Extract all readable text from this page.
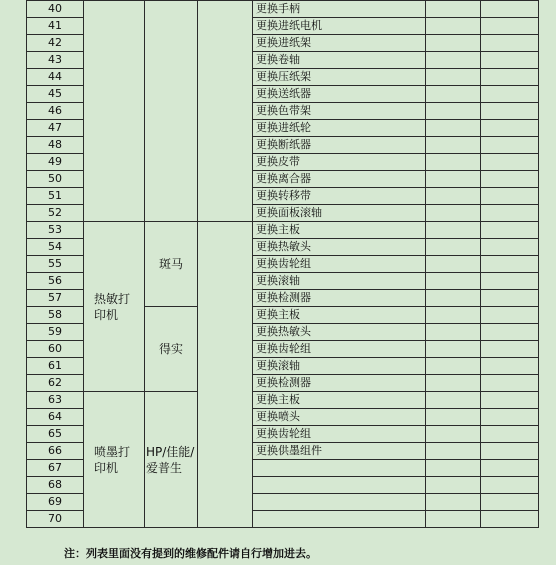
40				更换手柄		
41				更换进纸电机		
42				更换进纸架		
43				更换卷轴		
44				更换压纸架		
45				更换送纸器		
46				更换色带架		
47				更换进纸轮		
48				更换断纸器		
49				更换皮带		
50				更换离合器		
51				更换转移带		
52				更换面板滚轴		
53	热敏打印机	斑马		更换主板		
54				更换热敏头		
55				更换齿轮组		
56				更换滚轴		
57				更换检测器		
58		得实		更换主板		
59				更换热敏头		
60				更换齿轮组		
61				更换滚轴		
62				更换检测器		
63	喷墨打印机	HP/佳能/爱普生		更换主板		
64				更换喷头		
65				更换齿轮组		
66				更换供墨组件		
67						
68						
69						
70						
注：列表里面没有提到的维修配件请自行增加进去。
